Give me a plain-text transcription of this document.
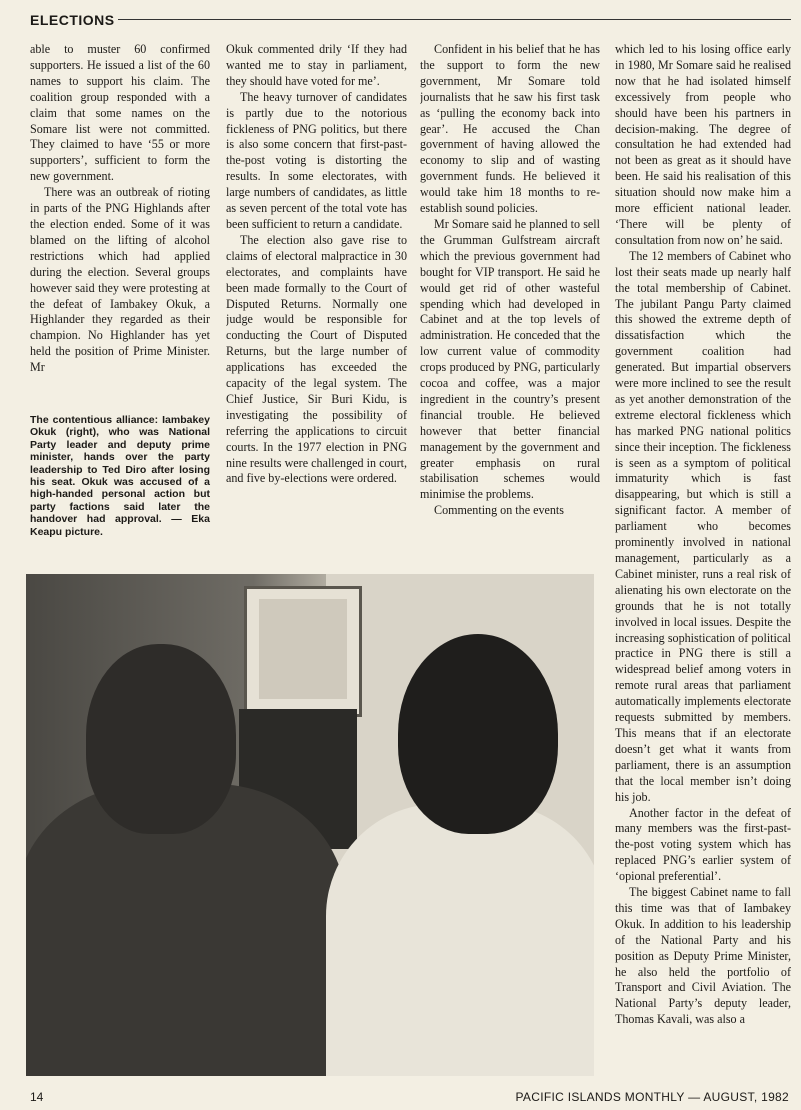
ELECTIONS

able to muster 60 confirmed supporters. He issued a list of the 60 names to support his claim. The coalition group responded with a claim that some names on the Somare list were not committed. They claimed to have ‘55 or more supporters’, sufficient to form the new government.

There was an outbreak of rioting in parts of the PNG Highlands after the election ended. Some of it was blamed on the lifting of alcohol restrictions which had applied during the election. Several groups however said they were protesting at the defeat of Iambakey Okuk, a Highlander they regarded as their champion. No Highlander has yet held the position of Prime Minister. Mr

The contentious alliance: Iambakey Okuk (right), who was National Party leader and deputy prime minister, hands over the party leadership to Ted Diro after losing his seat. Okuk was accused of a high-handed personal action but party factions said later the handover had approval. — Eka Keapu picture.

Okuk commented drily ‘If they had wanted me to stay in parliament, they should have voted for me’.

The heavy turnover of candidates is partly due to the notorious fickleness of PNG politics, but there is also some concern that first-past-the-post voting is distorting the results. In some electorates, with large numbers of candidates, as little as seven percent of the total vote has been sufficient to return a candidate.

The election also gave rise to claims of electoral malpractice in 30 electorates, and complaints have been made formally to the Court of Disputed Returns. Normally one judge would be responsible for conducting the Court of Disputed Returns, but the large number of applications has exceeded the capacity of the legal system. The Chief Justice, Sir Buri Kidu, is investigating the possibility of referring the applications to circuit courts. In the 1977 election in PNG nine results were challenged in court, and five by-elections were ordered.

Confident in his belief that he has the support to form the new government, Mr Somare told journalists that he saw his first task as ‘pulling the economy back into gear’. He accused the Chan government of having allowed the economy to slip and of wasting government funds. He believed it would take him 18 months to re-establish sound policies.

Mr Somare said he planned to sell the Grumman Gulfstream aircraft which the previous government had bought for VIP transport. He said he would get rid of other wasteful spending which had developed in Cabinet and at the top levels of administration. He conceded that the low current value of commodity crops produced by PNG, particularly cocoa and coffee, was a major ingredient in the country’s present financial trouble. He believed however that better financial management by the government and greater emphasis on rural stabilisation schemes would minimise the problems.

Commenting on the events

which led to his losing office early in 1980, Mr Somare said he realised now that he had isolated himself excessively from people who should have been his partners in decision-making. The degree of consultation he had extended had not been as great as it should have been. He said his realisation of this situation should now make him a more efficient national leader. ‘There will be plenty of consultation from now on’ he said.

The 12 members of Cabinet who lost their seats made up nearly half the total membership of Cabinet. The jubilant Pangu Party claimed this showed the extreme depth of dissatisfaction which the government coalition had generated. But impartial observers were more inclined to see the result as yet another demonstration of the extreme electoral fickleness which has marked PNG national politics since their inception. The fickleness is seen as a symptom of political immaturity which is fast disappearing, but which is still a significant factor. A member of parliament who becomes prominently involved in national management, particularly as a Cabinet minister, runs a real risk of alienating his own electorate on the grounds that he is not totally involved in local issues. Despite the increasing sophistication of political practice in PNG there is still a widespread belief among voters in remote rural areas that parliament automatically implements electorate requests submitted by members. This means that if an electorate doesn’t get what it wants from parliament, there is an assumption that the local member isn’t doing his job.

Another factor in the defeat of many members was the first-past-the-post voting system which has replaced PNG’s earlier system of ‘opional preferential’.

The biggest Cabinet name to fall this time was that of Iambakey Okuk. In addition to his leadership of the National Party and his position as Deputy Prime Minister, he also held the portfolio of Transport and Civil Aviation. The National Party’s deputy leader, Thomas Kavali, was also a

14	PACIFIC ISLANDS MONTHLY — AUGUST, 1982
